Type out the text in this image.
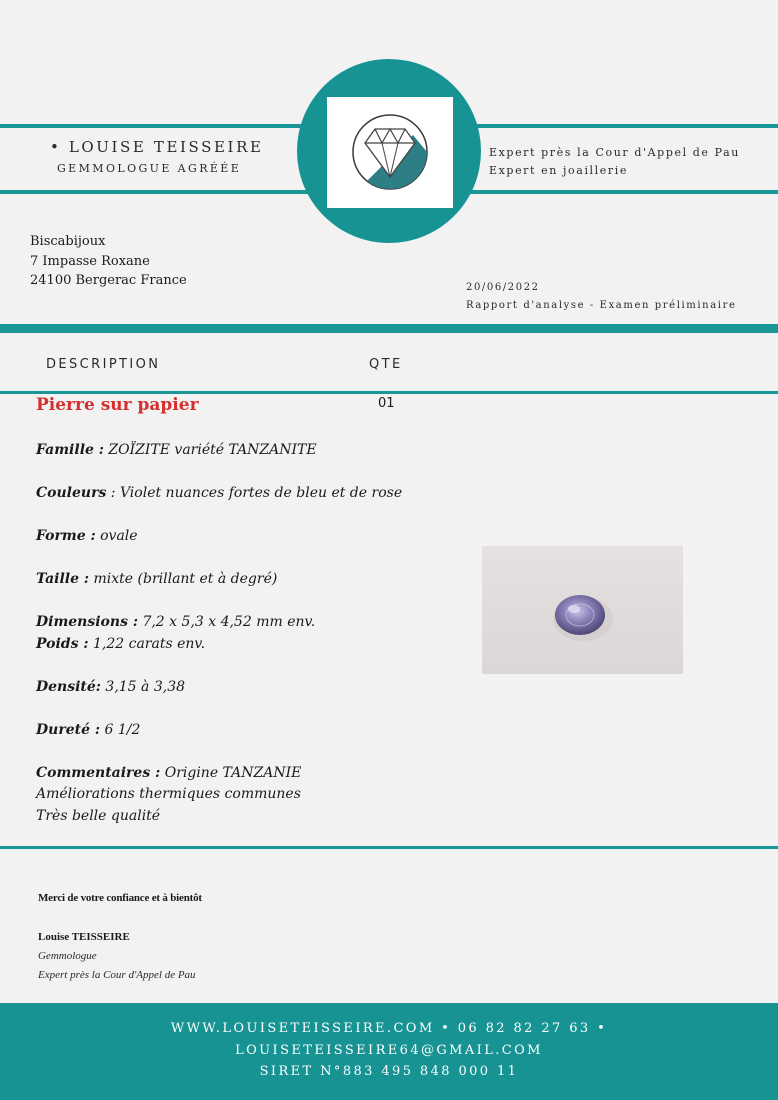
• LOUISE TEISSEIRE
GEMMOLOGUE AGRÉÉE
Expert près la Cour d'Appel de Pau
Expert en joaillerie
Biscabijoux
7 Impasse Roxane
24100 Bergerac France	20/06/2022
Rapport d'analyse - Examen préliminaire
DESCRIPTION	QTE
Pierre sur papier	01

Famille : ZOÏZITE variété TANZANITE

Couleurs : Violet nuances fortes de bleu et de rose

Forme : ovale

Taille : mixte (brillant et à degré)

Dimensions : 7,2 x 5,3 x 4,52 mm env.
Poids : 1,22 carats env.

Densité: 3,15 à 3,38

Dureté : 6 1/2

Commentaires : Origine TANZANIE
Améliorations thermiques communes
Très belle qualité

Merci de votre confiance et à bientôt
Louise TEISSEIRE
Gemmologue
Expert près la Cour d'Appel de Pau
WWW.LOUISETEISSEIRE.COM • 06 82 82 27 63 •
LOUISETEISSEIRE64@GMAIL.COM
SIRET N°883 495 848 000 11
